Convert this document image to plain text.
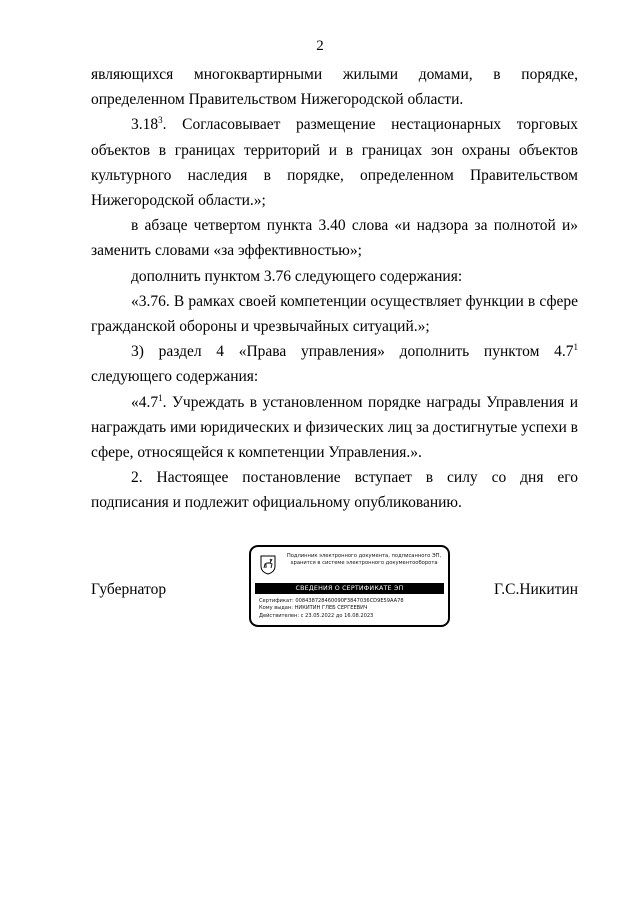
2

являющихся многоквартирными жилыми домами, в порядке, определенном Правительством Нижегородской области.

3.18$^3$. Согласовывает размещение нестационарных торговых объектов в границах территорий и в границах зон охраны объектов культурного наследия в порядке, определенном Правительством Нижегородской области.»;

в абзаце четвертом пункта 3.40 слова «и надзора за полнотой и» заменить словами «за эффективностью»;

дополнить пунктом 3.76 следующего содержания:

«3.76. В рамках своей компетенции осуществляет функции в сфере гражданской обороны и чрезвычайных ситуаций.»;

3) раздел 4 «Права управления» дополнить пунктом $4.7^1$ следующего содержания:

«$4.7^1$. Учреждать в установленном порядке награды Управления и награждать ими юридических и физических лиц за достигнутые успехи в сфере, относящейся к компетенции Управления.».

2. Настоящее постановление вступает в силу со дня его подписания и подлежит официальному опубликованию.

Губернатор
Подлинник электронного документа, подписанного ЭП,
хранится в системе электронного документооборота
СВЕДЕНИЯ О СЕРТИФИКАТЕ ЭП
Сертификат: 008438728460090F3847036CD9E59AA78
Кому выдан: НИКИТИН ГЛЕБ СЕРГЕЕВИЧ
Действителен: с 23.05.2022 до 16.08.2023
Г.С.Никитин
